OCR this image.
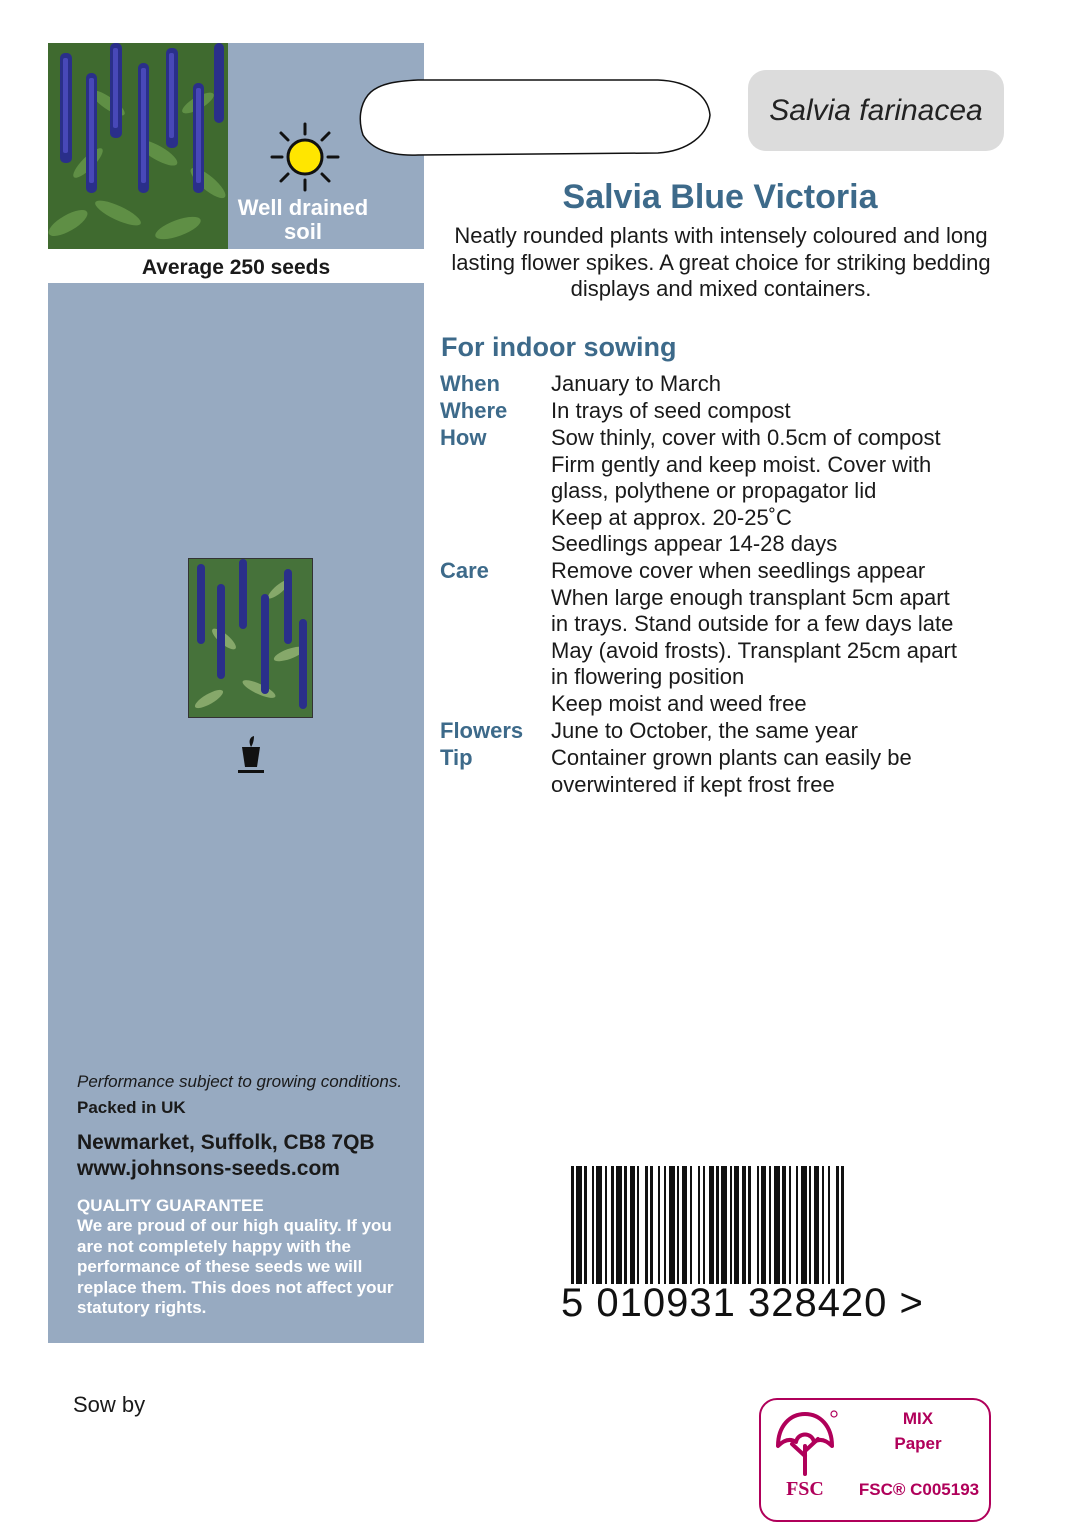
Well drained
soil
Average 250 seeds
Performance subject to growing conditions.
Packed in UK
Newmarket, Suffolk, CB8 7QB
www.johnsons-seeds.com
QUALITY GUARANTEE
We are proud of our high quality. If you are not completely happy with the performance of these seeds we will replace them. This does not affect your statutory rights.
Salvia farinacea
Salvia Blue Victoria
Neatly rounded plants with intensely coloured and long lasting flower spikes. A great choice for striking bedding displays and mixed containers.
For indoor sowing
When January to March
Where In trays of seed compost
How	Sow thinly, cover with 0.5cm of compost
Firm gently and keep moist. Cover with
glass, polythene or propagator lid
Keep at approx. 20-25˚C
Seedlings appear 14-28 days
Care	Remove cover when seedlings appear
When large enough transplant 5cm apart
in trays. Stand outside for a few days late
May (avoid frosts). Transplant 25cm apart
in flowering position
Keep moist and weed free
Flowers June to October, the same year
Tip	Container grown plants can easily be
overwintered if kept frost free
5 010931 328420 >
Sow by
FSC
MIX
Paper
FSC® C005193
